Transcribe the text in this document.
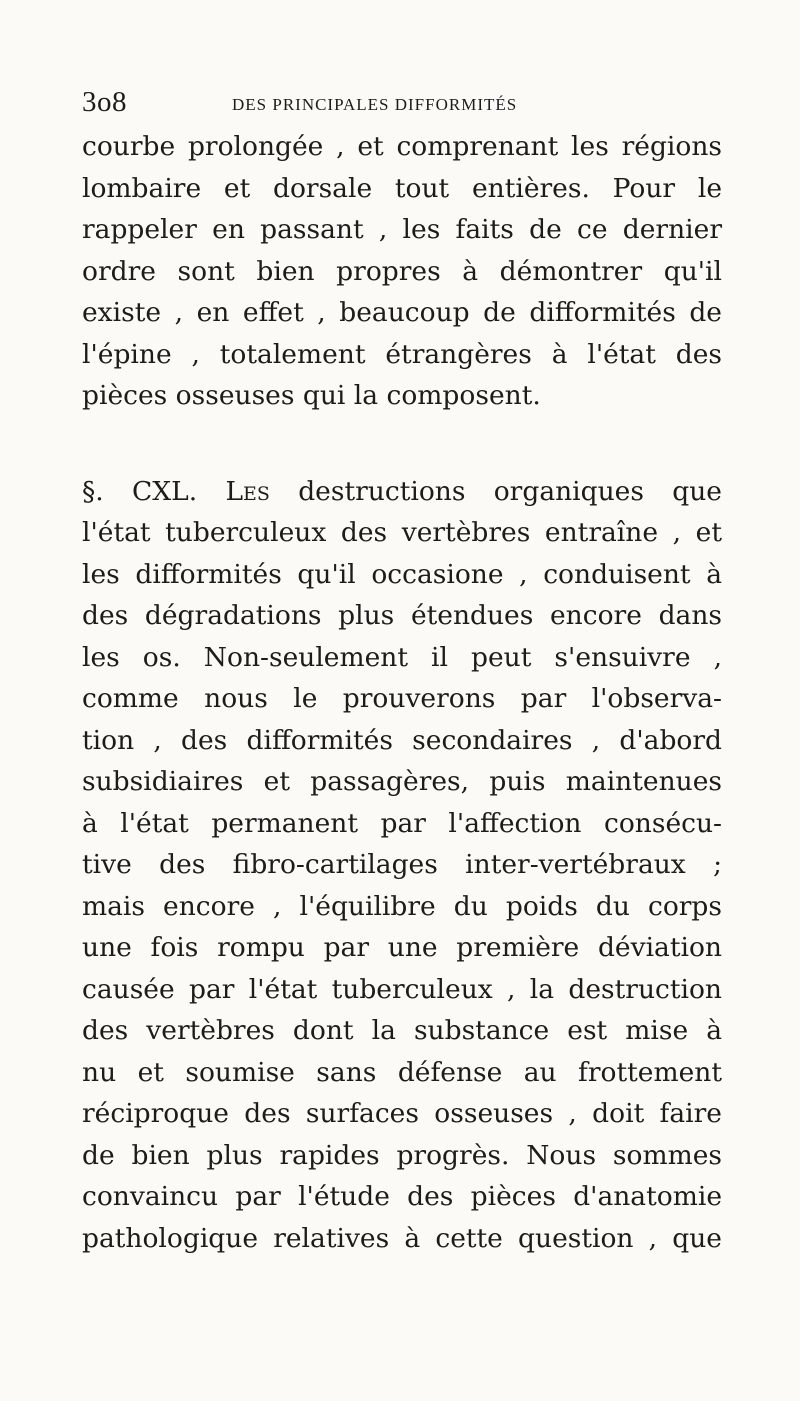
3o8	DES PRINCIPALES DIFFORMITÉS
courbe prolongée , et comprenant les régions
lombaire et dorsale tout entières. Pour le
rappeler en passant , les faits de ce dernier
ordre sont bien propres à démontrer qu'il
existe , en effet , beaucoup de difformités de
l'épine , totalement étrangères à l'état des
pièces osseuses qui la composent.
§. CXL. Les destructions organiques que
l'état tuberculeux des vertèbres entraîne , et
les difformités qu'il occasione , conduisent à
des dégradations plus étendues encore dans
les os. Non-seulement il peut s'ensuivre ,
comme nous le prouverons par l'observa-
tion , des difformités secondaires , d'abord
subsidiaires et passagères, puis maintenues
à l'état permanent par l'affection consécu-
tive des fibro-cartilages inter-vertébraux ;
mais encore , l'équilibre du poids du corps
une fois rompu par une première déviation
causée par l'état tuberculeux , la destruction
des vertèbres dont la substance est mise à
nu et soumise sans défense au frottement
réciproque des surfaces osseuses , doit faire
de bien plus rapides progrès. Nous sommes
convaincu par l'étude des pièces d'anatomie
pathologique relatives à cette question , que
